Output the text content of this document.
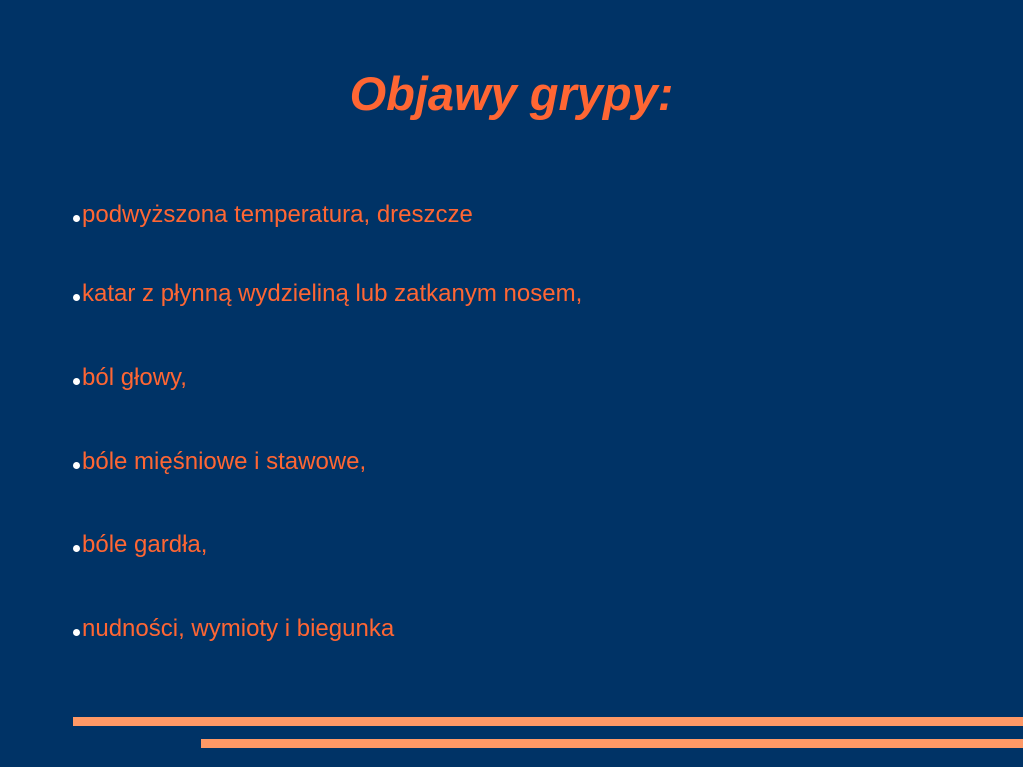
Objawy grypy:
podwyższona temperatura, dreszcze
katar z płynną wydzieliną lub zatkanym nosem,
ból głowy,
bóle mięśniowe i stawowe,
bóle gardła,
nudności, wymioty i biegunka
